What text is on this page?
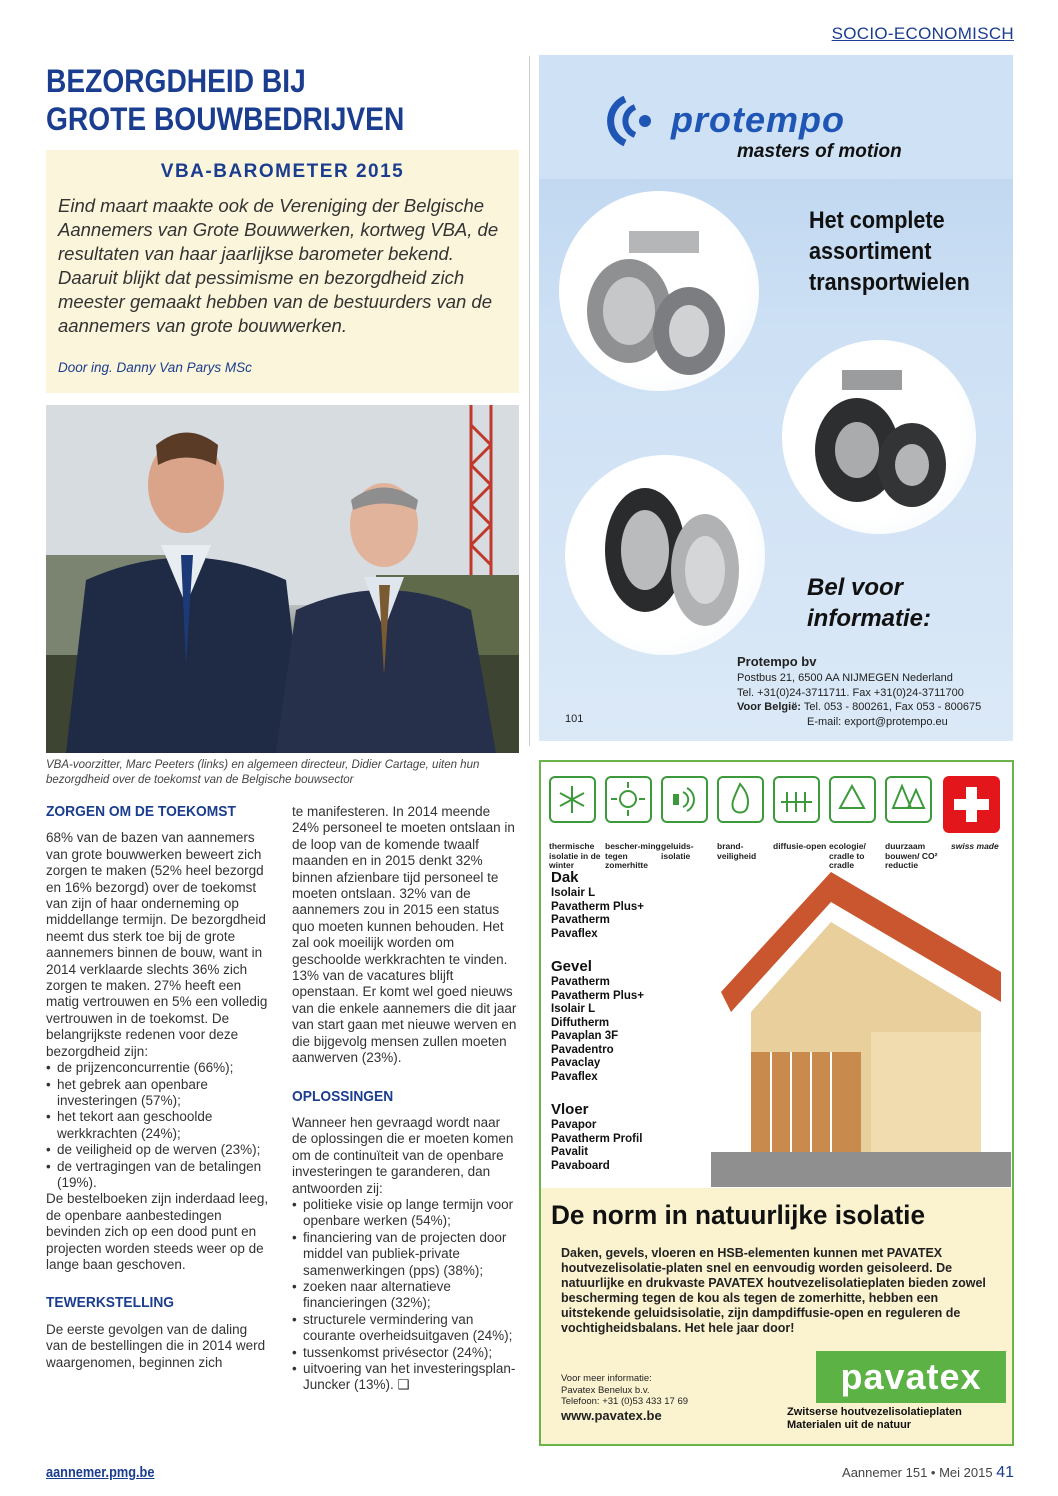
SOCIO-ECONOMISCH
BEZORGDHEID BIJ
GROTE BOUWBEDRIJVEN
VBA-BAROMETER 2015
Eind maart maakte ook de Vereniging der Belgische Aannemers van Grote Bouwwerken, kortweg VBA, de resultaten van haar jaarlijkse barometer bekend. Daaruit blijkt dat pessimisme en bezorgdheid zich meester gemaakt hebben van de bestuurders van de aannemers van grote bouwwerken.
Door ing. Danny Van Parys MSc
VBA-voorzitter, Marc Peeters (links) en algemeen directeur, Didier Cartage, uiten hun bezorgdheid over de toekomst van de Belgische bouwsector
ZORGEN OM DE TOEKOMST

68% van de bazen van aannemers van grote bouwwerken beweert zich zorgen te maken (52% heel bezorgd en 16% bezorgd) over de toekomst van zijn of haar onderneming op middellange termijn. De bezorgdheid neemt dus sterk toe bij de grote aannemers binnen de bouw, want in 2014 verklaarde slechts 36% zich zorgen te maken. 27% heeft een matig vertrouwen en 5% een volledig vertrouwen in de toekomst. De belangrijkste redenen voor deze bezorgdheid zijn:

• de prijzenconcurrentie (66%);
• het gebrek aan openbare investeringen (57%);
• het tekort aan geschoolde werkkrachten (24%);
• de veiligheid op de werven (23%);
• de vertragingen van de betalingen (19%).

De bestelboeken zijn inderdaad leeg, de openbare aanbestedingen bevinden zich op een dood punt en projecten worden steeds weer op de lange baan geschoven.

TEWERKSTELLING

De eerste gevolgen van de daling van de bestellingen die in 2014 werd waargenomen, beginnen zich

te manifesteren. In 2014 meende 24% personeel te moeten ontslaan in de loop van de komende twaalf maanden en in 2015 denkt 32% binnen afzienbare tijd personeel te moeten ontslaan. 32% van de aannemers zou in 2015 een status quo moeten kunnen behouden. Het zal ook moeilijk worden om geschoolde werkkrachten te vinden. 13% van de vacatures blijft openstaan. Er komt wel goed nieuws van die enkele aannemers die dit jaar van start gaan met nieuwe werven en die bijgevolg mensen zullen moeten aanwerven (23%).

OPLOSSINGEN

Wanneer hen gevraagd wordt naar de oplossingen die er moeten komen om de continuïteit van de openbare investeringen te garanderen, dan antwoorden zij:

• politieke visie op lange termijn voor openbare werken (54%);
• financiering van de projecten door middel van publiek-private samenwerkingen (pps) (38%);
• zoeken naar alternatieve financieringen (32%);
• structurele vermindering van courante overheidsuitgaven (24%);
• tussenkomst privésector (24%);
• uitvoering van het investeringsplan-Juncker (13%). ❑
protempo
masters of motion
Het complete assortiment transportwielen
Bel voor informatie:
Protempo bv
Postbus 21, 6500 AA NIJMEGEN Nederland
Tel. +31(0)24-3711711. Fax +31(0)24-3711700
Voor België: Tel. 053 - 800261, Fax 053 - 800675
E-mail: export@protempo.eu
101
thermische isolatie in de winter
bescher-ming tegen zomerhitte
geluids-isolatie
brand-veiligheid
diffusie-open ecologie/ cradle to cradle
duurzaam bouwen/ CO² reductie
swiss made
Dak
Isolair L
Pavatherm Plus+
Pavatherm
Pavaflex
Gevel
Pavatherm
Pavatherm Plus+
Isolair L
Diffutherm
Pavaplan 3F
Pavadentro
Pavaclay
Pavaflex
Vloer
Pavapor
Pavatherm Profil
Pavalit
Pavaboard
De norm in natuurlijke isolatie
Daken, gevels, vloeren en HSB-elementen kunnen met PAVATEX houtvezelisolatie-platen snel en eenvoudig worden geisoleerd. De natuurlijke en drukvaste PAVATEX houtvezelisolatieplaten bieden zowel bescherming tegen de kou als tegen de zomerhitte, hebben een uitstekende geluidsisolatie, zijn dampdiffusie-open en reguleren de vochtigheidsbalans. Het hele jaar door!
Voor meer informatie:
Pavatex Benelux b.v.
Telefoon: +31 (0)53 433 17 69
www.pavatex.be
pavatex
Zwitserse houtvezelisolatieplaten
Materialen uit de natuur
aannemer.pmg.be	Aannemer 151 • Mei 2015 41
